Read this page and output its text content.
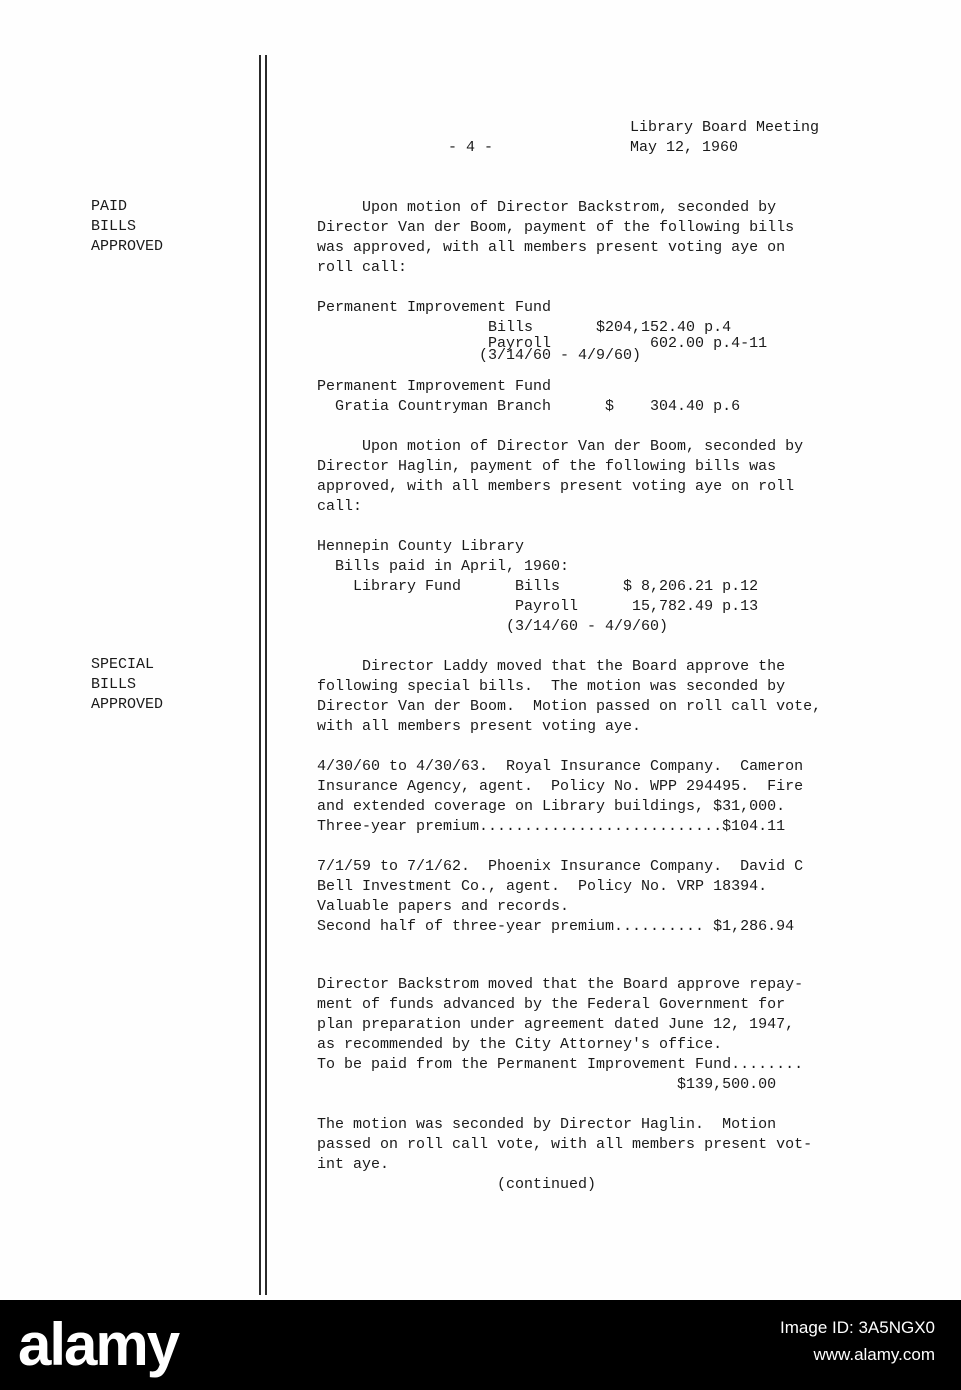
- 4 -
Library Board Meeting
May 12, 1960
PAID
BILLS
APPROVED
SPECIAL
BILLS
APPROVED
Upon motion of Director Backstrom, seconded by
Director Van der Boom, payment of the following bills
was approved, with all members present voting aye on
roll call:
Permanent Improvement Fund
Bills       $204,152.40 p.4
Payroll           602.00 p.4-11
(3/14/60 - 4/9/60)
Permanent Improvement Fund
Gratia Countryman Branch      $    304.40 p.6
Upon motion of Director Van der Boom, seconded by
Director Haglin, payment of the following bills was
approved, with all members present voting aye on roll
call:
Hennepin County Library
Bills paid in April, 1960:
Library Fund      Bills       $ 8,206.21 p.12
Payroll      15,782.49 p.13
(3/14/60 - 4/9/60)
Director Laddy moved that the Board approve the
following special bills.  The motion was seconded by
Director Van der Boom.  Motion passed on roll call vote,
with all members present voting aye.
4/30/60 to 4/30/63.  Royal Insurance Company.  Cameron
Insurance Agency, agent.  Policy No. WPP 294495.  Fire
and extended coverage on Library buildings, $31,000.
Three-year premium...........................$104.11
7/1/59 to 7/1/62.  Phoenix Insurance Company.  David C
Bell Investment Co., agent.  Policy No. VRP 18394.
Valuable papers and records.
Second half of three-year premium.......... $1,286.94
Director Backstrom moved that the Board approve repay-
ment of funds advanced by the Federal Government for
plan preparation under agreement dated June 12, 1947,
as recommended by the City Attorney's office.
To be paid from the Permanent Improvement Fund........
$139,500.00
The motion was seconded by Director Haglin.  Motion
passed on roll call vote, with all members present vot-
int aye.
(continued)
alamy	Image ID: 3A5NGX0
www.alamy.com
